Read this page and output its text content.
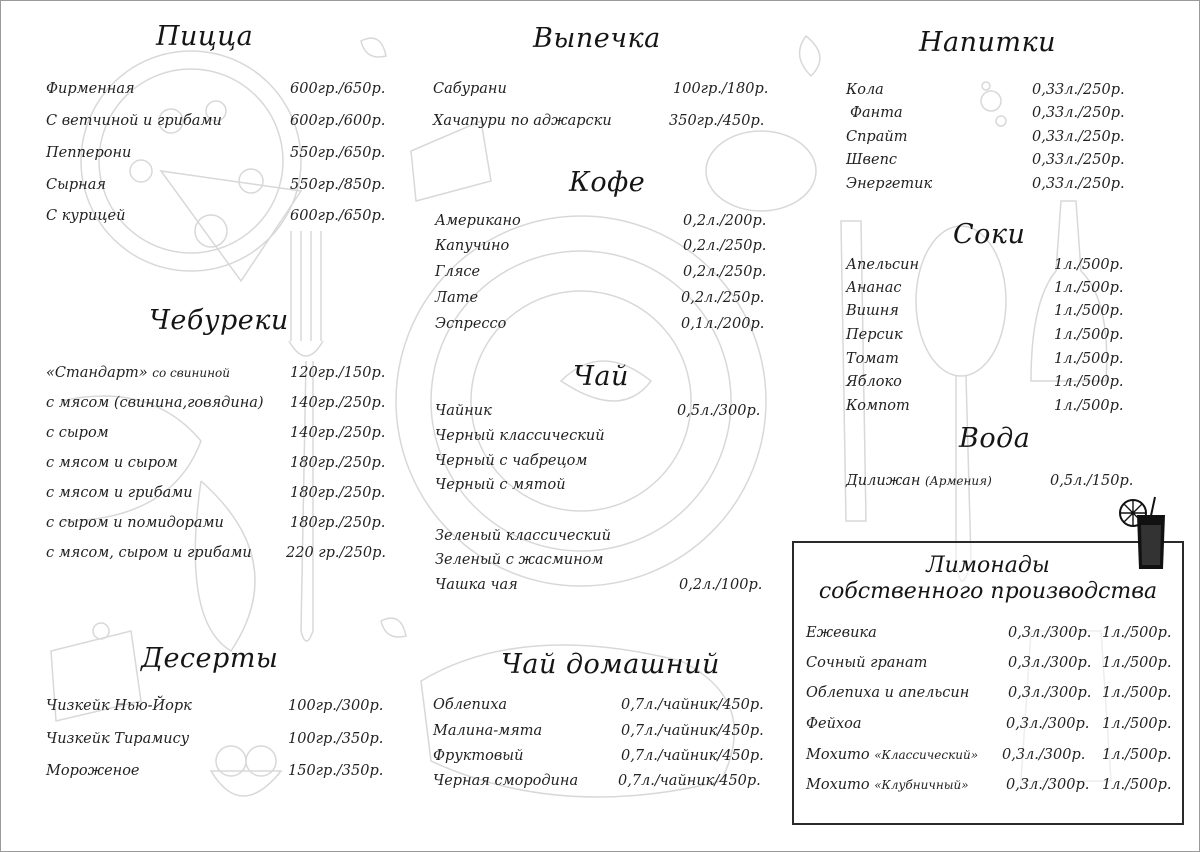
Пицца
Фирменная	600гр./650р.
С ветчиной и грибами	600гр./600р.
Пепперони	550гр./650р.
Сырная	550гр./850р.
С курицей	600гр./650р.
Чебуреки
«Стандарт» со свининой	120гр./150р.
с мясом (свинина,говядина) 140гр./250р.
с сыром	140гр./250р.
с мясом и сыром	180гр./250р.
с мясом и грибами	180гр./250р.
с сыром и помидорами	180гр./250р.
с мясом, сыром и грибами 220 гр./250р.
Десерты
Чизкейк Нью-Йорк	100гр./300р.
Чизкейк Тирамису	100гр./350р.
Мороженое	150гр./350р.
Выпечка
Сабурани	100гр./180р.
Хачапури по аджарски	350гр./450р.
Кофе
Американо	0,2л./200р.
Капучино	0,2л./250р.
Глясе	0,2л./250р.
Лате	0,2л./250р.
Эспрессо	0,1л./200р.
Чай
Чайник	0,5л./300р.
Черный классический
Черный с чабрецом
Черный с мятой
Зеленый классический
Зеленый с жасмином
Чашка чая	0,2л./100р.
Чай домашний
Облепиха	0,7л./чайник/450р.
Малина-мята	0,7л./чайник/450р.
Фруктовый	0,7л./чайник/450р.
Черная смородина	0,7л./чайник/450р.
Напитки
Кола	0,33л./250р.
Фанта	0,33л./250р.
Спрайт	0,33л./250р.
Швепс	0,33л./250р.
Энергетик	0,33л./250р.
Соки
Апельсин	1л./500р.
Ананас	1л./500р.
Вишня	1л./500р.
Персик	1л./500р.
Томат	1л./500р.
Яблоко	1л./500р.
Компот	1л./500р.
Вода
Дилижан (Армения)	0,5л./150р.
Лимонады
собственного производства
Ежевика	0,3л./300р. 1л./500р.
Сочный гранат	0,3л./300р. 1л./500р.
Облепиха и апельсин	0,3л./300р. 1л./500р.
Фейхоа	0,3л./300р. 1л./500р.
Мохито «Классический» 0,3л./300р. 1л./500р.
Мохито «Клубничный»	0,3л./300р. 1л./500р.
